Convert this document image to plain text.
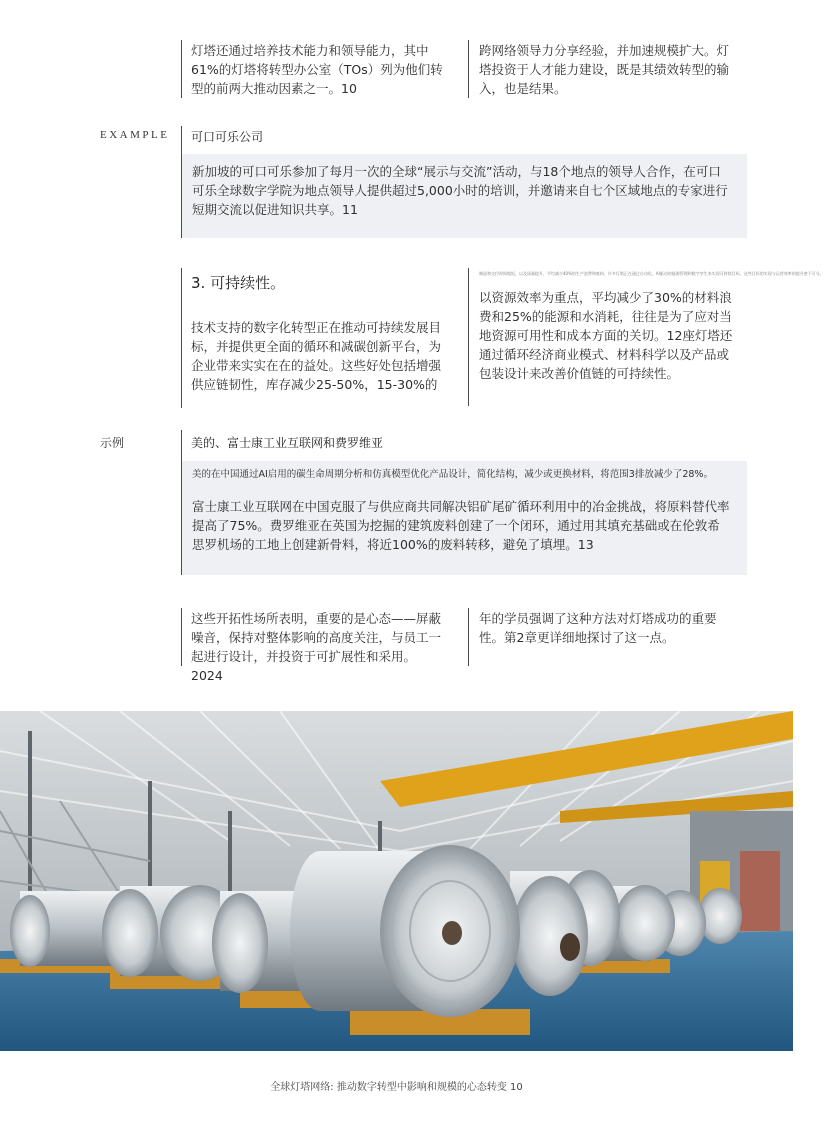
灯塔还通过培养技术能力和领导能力，其中61%的灯塔将转型办公室（TOs）列为他们转型的前两大推动因素之一。10

跨网络领导力分享经验，并加速规模扩大。灯塔投资于人才能力建设，既是其绩效转型的输入，也是结果。

EXAMPLE 可口可乐公司

新加坡的可口可乐参加了每月一次的全球“展示与交流”活动，与18个地点的领导人合作，在可口可乐全球数字学院为地点领导人提供超过5,000小时的培训，并邀请来自七个区域地点的专家进行短期交流以促进知识共享。11

3. 可持续性。

技术支持的数字化转型正在推动可持续发展目标，并提供更全面的循环和减碳创新平台，为企业带来实实在在的益处。这些好处包括增强供应链韧性，库存减少25-50%，15-30%的

制造和交付时间缩短，以及质量提升，平均减少40%的生产浪费和废料，许多灯塔正在通过自动化、AI驱动的能源管理和数字孪生来实现可持续目标，这些目标的实现与运营效率的提升密不可分。

以资源效率为重点，平均减少了30%的材料浪费和25%的能源和水消耗，往往是为了应对当地资源可用性和成本方面的关切。12座灯塔还通过循环经济商业模式、材料科学以及产品或包装设计来改善价值链的可持续性。

示例	美的、富士康工业互联网和费罗维亚

美的在中国通过AI启用的碳生命周期分析和仿真模型优化产品设计，简化结构，减少或更换材料，将范围3排放减少了28%。

富士康工业互联网在中国克服了与供应商共同解决铝矿尾矿循环利用中的冶金挑战，将原料替代率提高了75%。费罗维亚在英国为挖掘的建筑废料创建了一个闭环，通过用其填充基础或在伦敦希思罗机场的工地上创建新骨料，将近100%的废料转移，避免了填埋。13

这些开拓性场所表明，重要的是心态——屏蔽噪音，保持对整体影响的高度关注，与员工一起进行设计，并投资于可扩展性和采用。2024

年的学员强调了这种方法对灯塔成功的重要性。第2章更详细地探讨了这一点。

全球灯塔网络: 推动数字转型中影响和规模的心态转变 10
